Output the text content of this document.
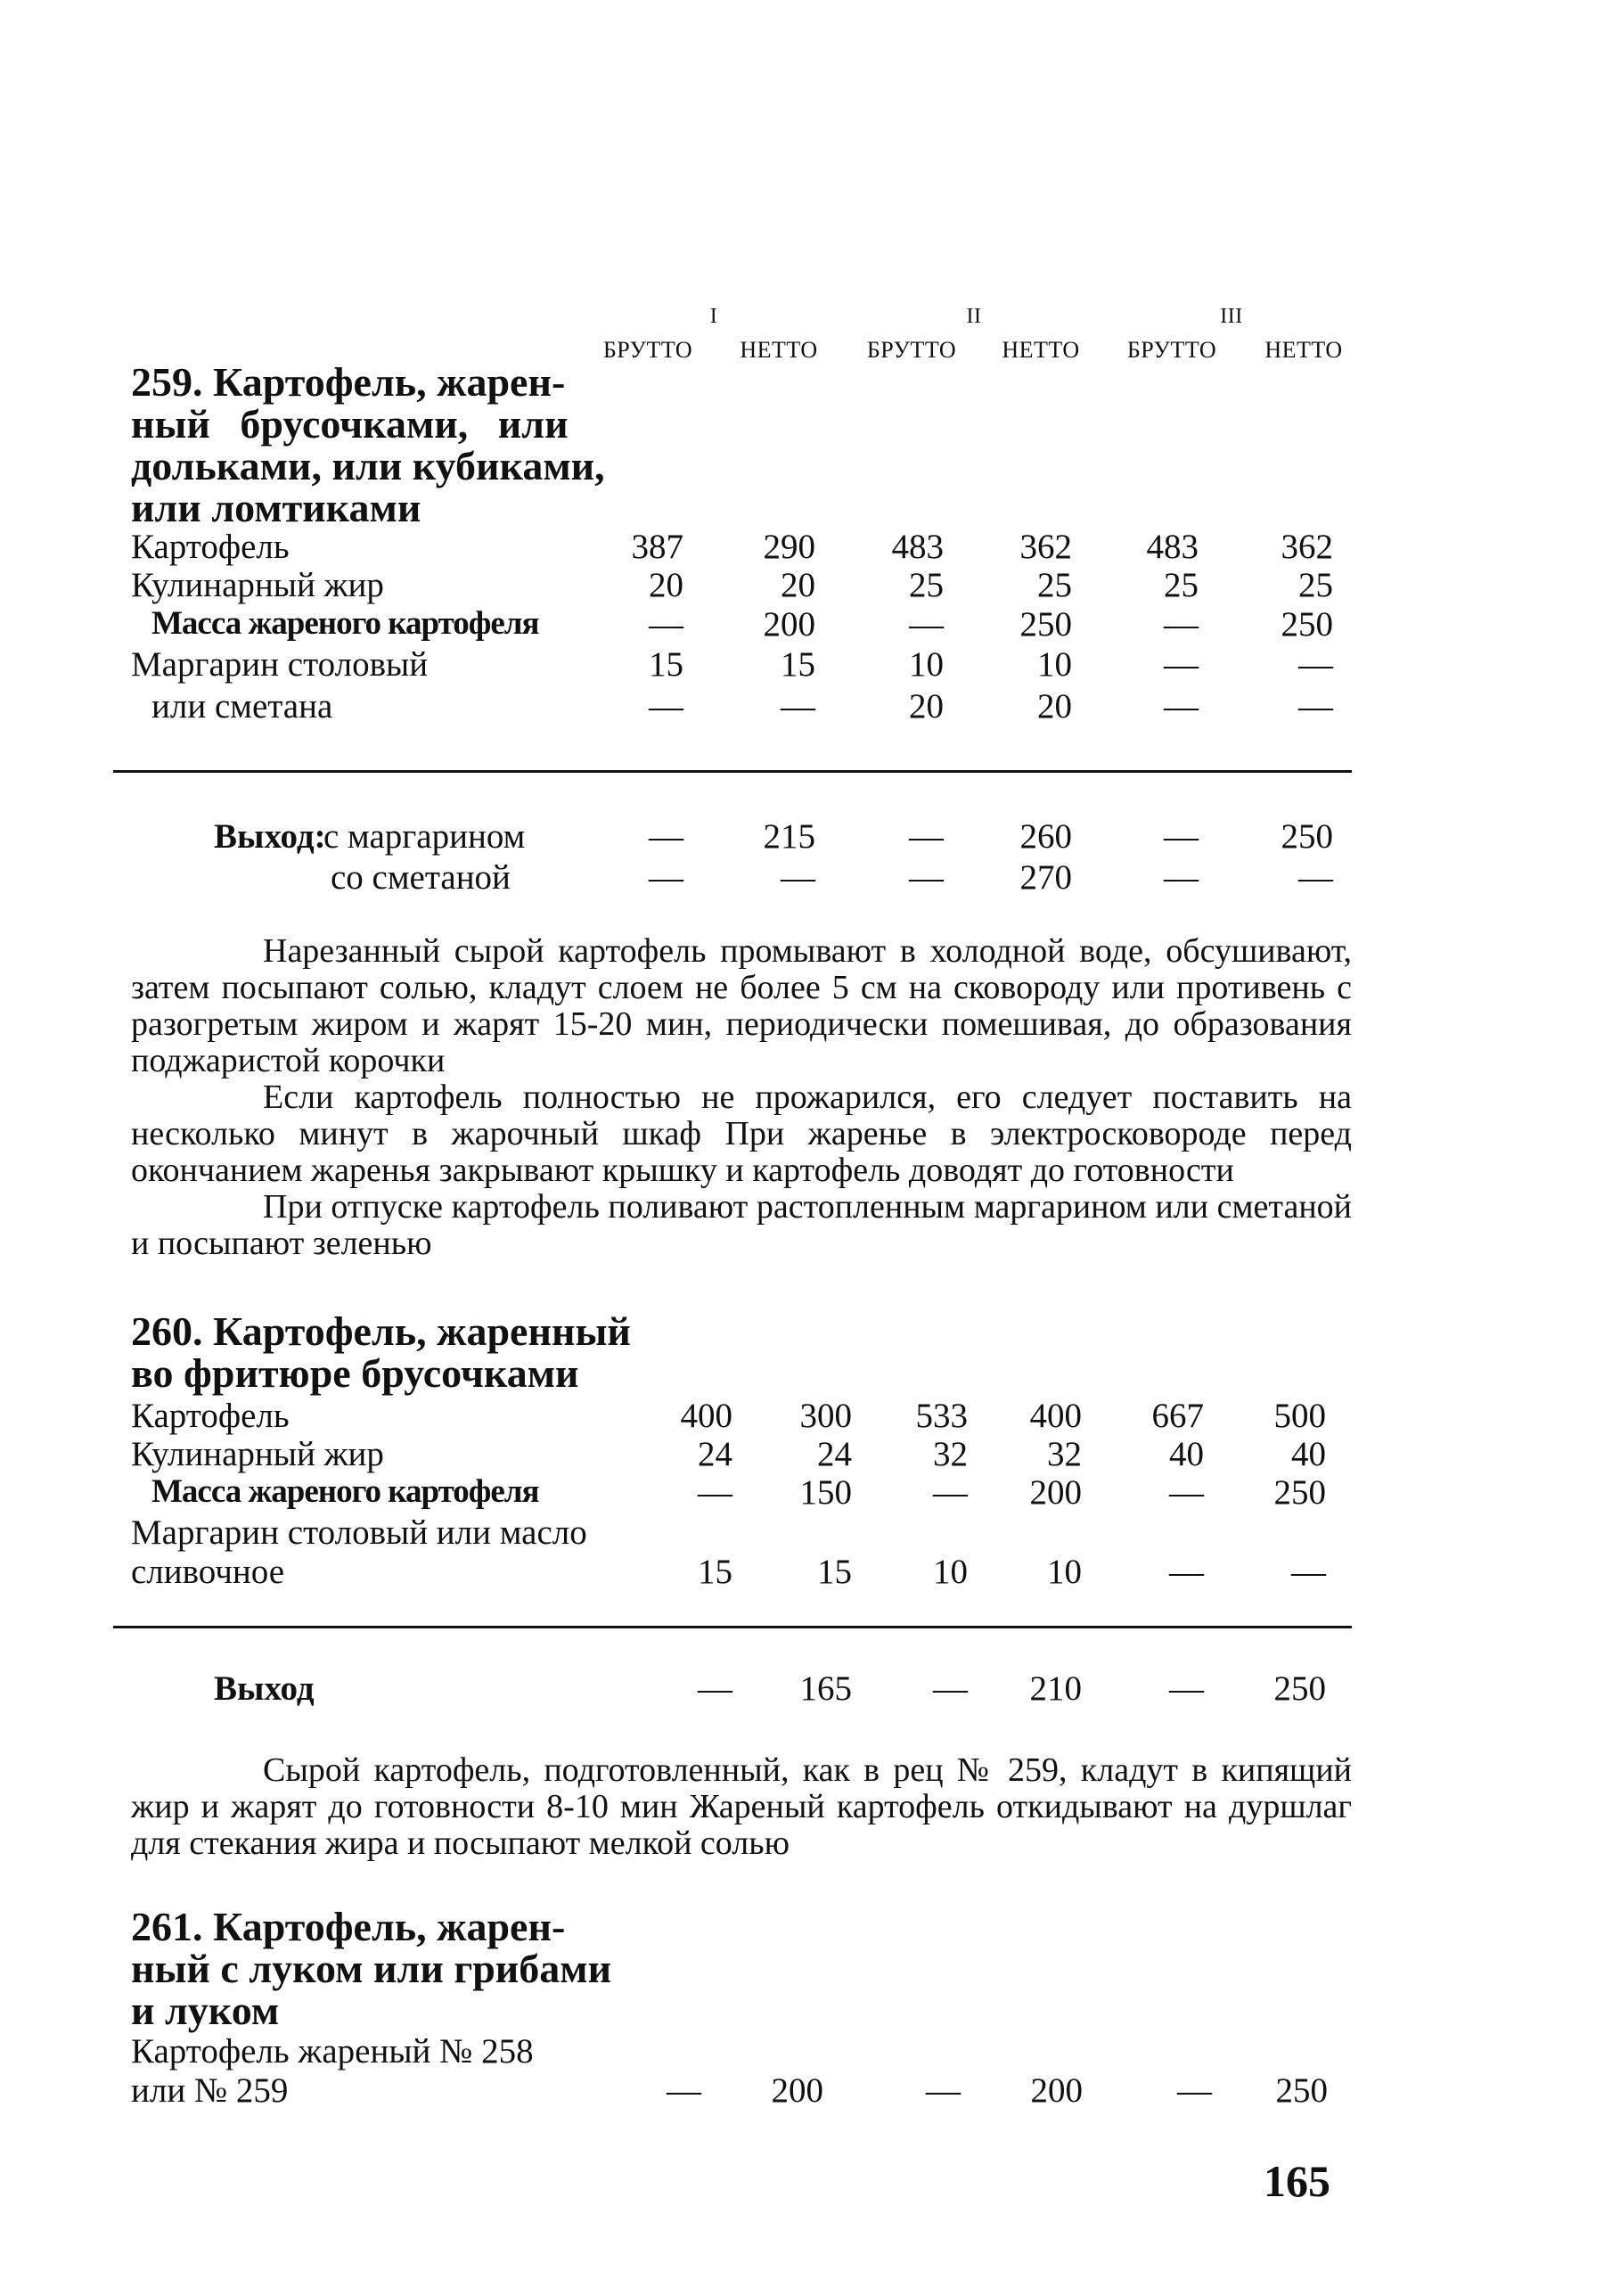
I	II	III
БРУТТО	НЕТТО	БРУТТО	НЕТТО	БРУТТО	НЕТТО
259. Картофель, жарен-
ный брусочками, или
дольками, или кубиками,
или ломтиками
Картофель	387	290	483	362	483	362
Кулинарный жир	20	20	25	25	25	25
Масса жареного картофеля	—	200	—	250	—	250
Маргарин столовый	15	15	10	10	—	—
или сметана	—	—	20	20	—	—
Выход:
с маргарином	—	215	—	260	—	250
со сметаной	—	—	—	270	—	—
Нарезанный сырой картофель промывают в холодной воде, обсушивают, затем посыпают солью, кладут слоем не более 5 см на сковороду или противень с разогретым жиром и жарят 15-20 мин, периодически помешивая, до образования поджаристой корочки
Если картофель полностью не прожарился, его следует поставить на несколько минут в жарочный шкаф При жаренье в электросковороде перед окончанием жаренья закрывают крышку и картофель доводят до готовности
При отпуске картофель поливают растопленным маргарином или сметаной и посыпают зеленью
260. Картофель, жаренный
во фритюре брусочками
Картофель	400	300	533	400	667	500
Кулинарный жир	24	24	32	32	40	40
Масса жареного картофеля	—	150	—	200	—	250
Маргарин столовый или масло
сливочное	15	15	10	10	—	—
Выход	—	165	—	210	—	250
Сырой картофель, подготовленный, как в рец № 259, кладут в кипящий жир и жарят до готовности 8-10 мин Жареный картофель откидывают на дуршлаг для стекания жира и посыпают мелкой солью
261. Картофель, жарен-
ный с луком или грибами
и луком
Картофель жареный № 258
или № 259	—	200	—	200	—	250
165
